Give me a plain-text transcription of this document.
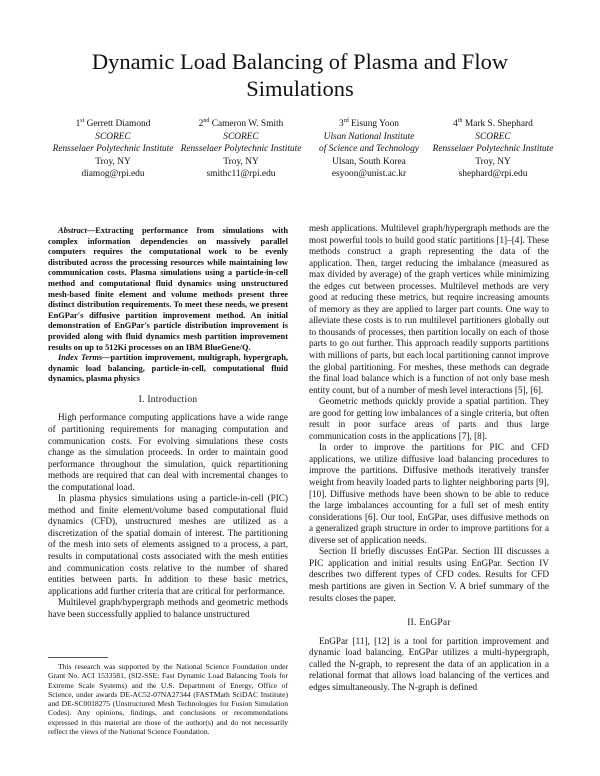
Dynamic Load Balancing of Plasma and Flow Simulations
1st Gerrett Diamond
SCOREC
Rensselaer Polytechnic Institute
Troy, NY
diamog@rpi.edu
2nd Cameron W. Smith
SCOREC
Rensselaer Polytechnic Institute
Troy, NY
smithc11@rpi.edu
3rd Eisung Yoon
Ulsan National Institute
of Science and Technology
Ulsan, South Korea
esyoon@unist.ac.kr
4th Mark S. Shephard
SCOREC
Rensselaer Polytechnic Institute
Troy, NY
shephard@rpi.edu

Abstract—Extracting performance from simulations with complex information dependencies on massively parallel computers requires the computational work to be evenly distributed across the processing resources while maintaining low communication costs. Plasma simulations using a particle-in-cell method and computational fluid dynamics using unstructured mesh-based finite element and volume methods present three distinct distribution requirements. To meet these needs, we present EnGPar's diffusive partition improvement method. An initial demonstration of EnGPar's particle distribution improvement is provided along with fluid dynamics mesh partition improvement results on up to 512Ki processes on an IBM BlueGene/Q.

Index Terms—partition improvement, multigraph, hypergraph, dynamic load balancing, particle-in-cell, computational fluid dynamics, plasma physics

I. Introduction

High performance computing applications have a wide range of partitioning requirements for managing computation and communication costs. For evolving simulations these costs change as the simulation proceeds. In order to maintain good performance throughout the simulation, quick repartitioning methods are required that can deal with incremental changes to the computational load.

In plasma physics simulations using a particle-in-cell (PIC) method and finite element/volume based computational fluid dynamics (CFD), unstructured meshes are utilized as a discretization of the spatial domain of interest. The partitioning of the mesh into sets of elements assigned to a process, a part, results in computational costs associated with the mesh entities and communication costs relative to the number of shared entities between parts. In addition to these basic metrics, applications add further criteria that are critical for performance.

Multilevel graph/hypergraph methods and geometric methods have been successfully applied to balance unstructured

This research was supported by the National Science Foundation under Grant No. ACI 1533581, (SI2-SSE: Fast Dynamic Load Balancing Tools for Extreme Scale Systems) and the U.S. Department of Energy, Office of Science, under awards DE-AC52-07NA27344 (FASTMath SciDAC Institute) and DE-SC0018275 (Unstructured Mesh Technologies for Fusion Simulation Codes). Any opinions, findings, and conclusions or recommendations expressed in this material are those of the author(s) and do not necessarily reflect the views of the National Science Foundation.

mesh applications. Multilevel graph/hypergraph methods are the most powerful tools to build good static partitions [1]–[4]. These methods construct a graph representing the data of the application. Then, target reducing the imbalance (measured as max divided by average) of the graph vertices while minimizing the edges cut between processes. Multilevel methods are very good at reducing these metrics, but require increasing amounts of memory as they are applied to larger part counts. One way to alleviate these costs is to run multilevel partitioners globally out to thousands of processes, then partition locally on each of those parts to go out further. This approach readily supports partitions with millions of parts, but each local partitioning cannot improve the global partitioning. For meshes, these methods can degrade the final load balance which is a function of not only base mesh entity count, but of a number of mesh level interactions [5], [6].

Geometric methods quickly provide a spatial partition. They are good for getting low imbalances of a single criteria, but often result in poor surface areas of parts and thus large communication costs in the applications [7], [8].

In order to improve the partitions for PIC and CFD applications, we utilize diffusive load balancing procedures to improve the partitions. Diffusive methods iteratively transfer weight from heavily loaded parts to lighter neighboring parts [9], [10]. Diffusive methods have been shown to be able to reduce the large imbalances accounting for a full set of mesh entity considerations [6]. Our tool, EnGPar, uses diffusive methods on a generalized graph structure in order to improve partitions for a diverse set of application needs.

Section II briefly discusses EnGPar. Section III discusses a PIC application and initial results using EnGPar. Section IV describes two different types of CFD codes. Results for CFD mesh partitions are given in Section V. A brief summary of the results closes the paper.

II. EnGPar

EnGPar [11], [12] is a tool for partition improvement and dynamic load balancing. EnGPar utilizes a multi-hypergraph, called the N-graph, to represent the data of an application in a relational format that allows load balancing of the vertices and edges simultaneously. The N-graph is defined
